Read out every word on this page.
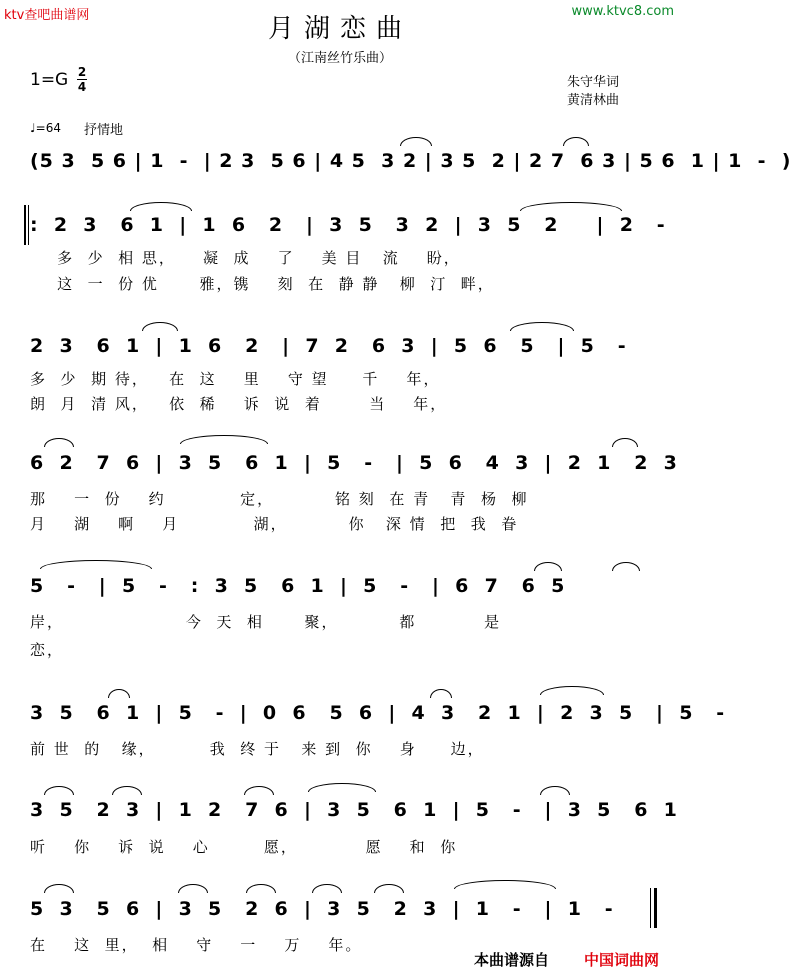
ktv查吧曲谱网	www.ktvc8.com
月湖恋曲
（江南丝竹乐曲）
1=G 2
4	朱守华词
黄清林曲
♩=64 抒情地
(5 3  5 6 | 1  -  | 2 3  5 6 | 4 5  3 2 | 3 5  2 | 2 7  6 3 | 5 6  1 | 1  -  )
:  2  3   6  1  |  1  6   2   |  3  5   3  2  |  3  5   2     |  2   -
多  少  相 思，    凝  成    了    美 目   流    盼，
这  一  份 优      雅，镌    刻  在  静 静   柳  汀  畔，
2  3   6  1  |  1  6   2   |  7  2   6  3  |  5  6   5   |  5   -
多  少  期 待，   在  这    里    守 望     千    年，
朗  月  清 风，   依  稀    诉  说  着       当    年，
6  2   7  6  |  3  5   6  1  |  5   -   |  5  6   4  3  |  2  1   2  3
那    一  份    约           定，         铭 刻  在 青   青  杨  柳
月    湖    啊    月           湖，         你   深 情  把  我  眷
5   -   |  5   -   :  3  5   6  1  |  5   -   |  6  7   6  5
岸，                  今  天  相      聚，         都          是
恋，
3  5   6  1  |  5   -  |  0  6   5  6  |  4  3   2  1  |  2  3  5   |  5   -
前 世  的   缘，        我  终 于   来 到  你    身     边，
3  5   2  3  |  1  2   7  6  |  3  5   6  1  |  5   -   |  3  5   6  1
听    你    诉  说    心        愿，          愿    和  你
5  3   5  6  |  3  5   2  6  |  3  5   2  3  |  1   -   |  1   -
在    这  里，  相    守    一    万    年。
本曲谱源自 中国词曲网
